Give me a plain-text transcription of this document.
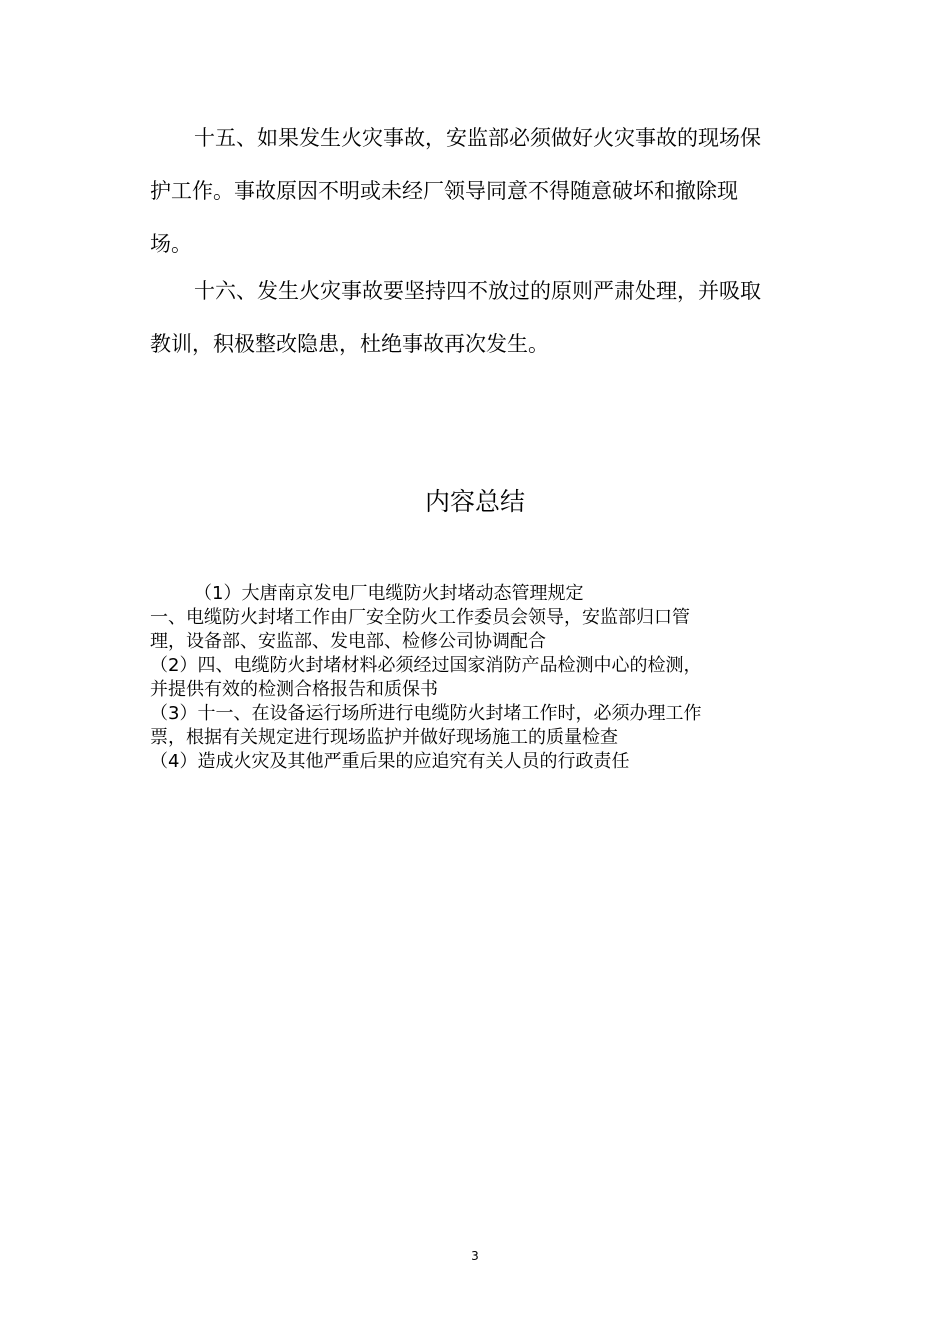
十五、如果发生火灾事故，安监部必须做好火灾事故的现场保
护工作。事故原因不明或未经厂领导同意不得随意破坏和撤除现
场。

十六、发生火灾事故要坚持四不放过的原则严肃处理，并吸取
教训，积极整改隐患，杜绝事故再次发生。

内容总结
（1）大唐南京发电厂电缆防火封堵动态管理规定
一、电缆防火封堵工作由厂安全防火工作委员会领导，安监部归口管
理，设备部、安监部、发电部、检修公司协调配合
（2）四、电缆防火封堵材料必须经过国家消防产品检测中心的检测，
并提供有效的检测合格报告和质保书
（3）十一、在设备运行场所进行电缆防火封堵工作时，必须办理工作
票，根据有关规定进行现场监护并做好现场施工的质量检查
（4）造成火灾及其他严重后果的应追究有关人员的行政责任
3
